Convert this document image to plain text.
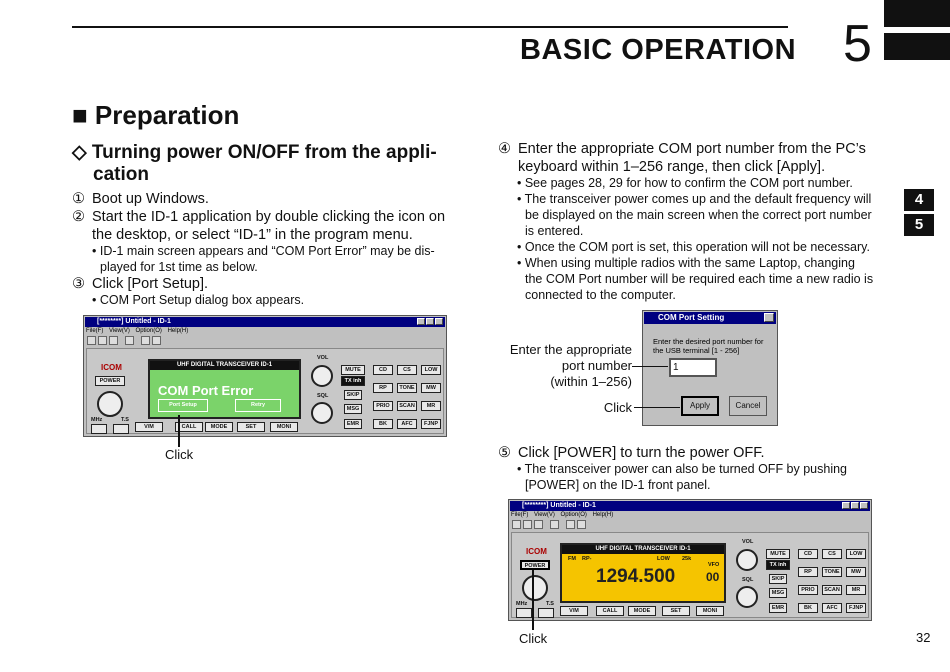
BASIC OPERATION 5
4
5
■ Preparation
◇ Turning power ON/OFF from the appli-
cation
① Boot up Windows.
② Start the ID-1 application by double clicking the icon on
the desktop, or select “ID-1” in the program menu.
• ID-1 main screen appears and “COM Port Error” may be dis-
played for 1st time as below.
③ Click [Port Setup].
• COM Port Setup dialog box appears.
[********] Untitled - ID-1
File(F) View(V) Option(O) Help(H)
ICOM
POWER
MHz	T.S
UHF DIGITAL TRANSCEIVER ID-1
COM Port Error
Port Setup	Retry
V/M	CALL	MODE	SET	MONI
VOL
SQL
MUTE
TX inh
SKIP
MSG
EMR
CD	CS	LOW
RP	TONE	MW
PRIO	SCAN	MR
BK	AFC	FJNP
Click
④ Enter the appropriate COM port number from the PC’s
keyboard within 1–256 range, then click [Apply].
• See pages 28, 29 for how to confirm the COM port number.
• The transceiver power comes up and the default frequency will
be displayed on the main screen when the correct port number
is entered.
• Once the COM port is set, this operation will not be necessary.
• When using multiple radios with the same Laptop, changing
the COM Port number will be required each time a new radio is
connected to the computer.
COM Port Setting
Enter the desired port number for
the USB terminal [1 - 256]
1
Apply	Cancel
Enter the appropriate
port number
(within 1–256)
Click
⑤ Click [POWER] to turn the power OFF.
• The transceiver power can also be turned OFF by pushing
[POWER] on the ID-1 front panel.
[********] Untitled - ID-1
File(F) View(V) Option(O) Help(H)
ICOM
POWER
MHz	T.S
UHF DIGITAL TRANSCEIVER ID-1
FM RP-	LOW 25k
VFO
1294.500	00
V/M	CALL	MODE	SET	MONI
VOL
SQL
MUTE
TX inh
SKIP
MSG
EMR
CD	CS	LOW
RP	TONE	MW
PRIO	SCAN	MR
BK	AFC	FJNP
Click	32
